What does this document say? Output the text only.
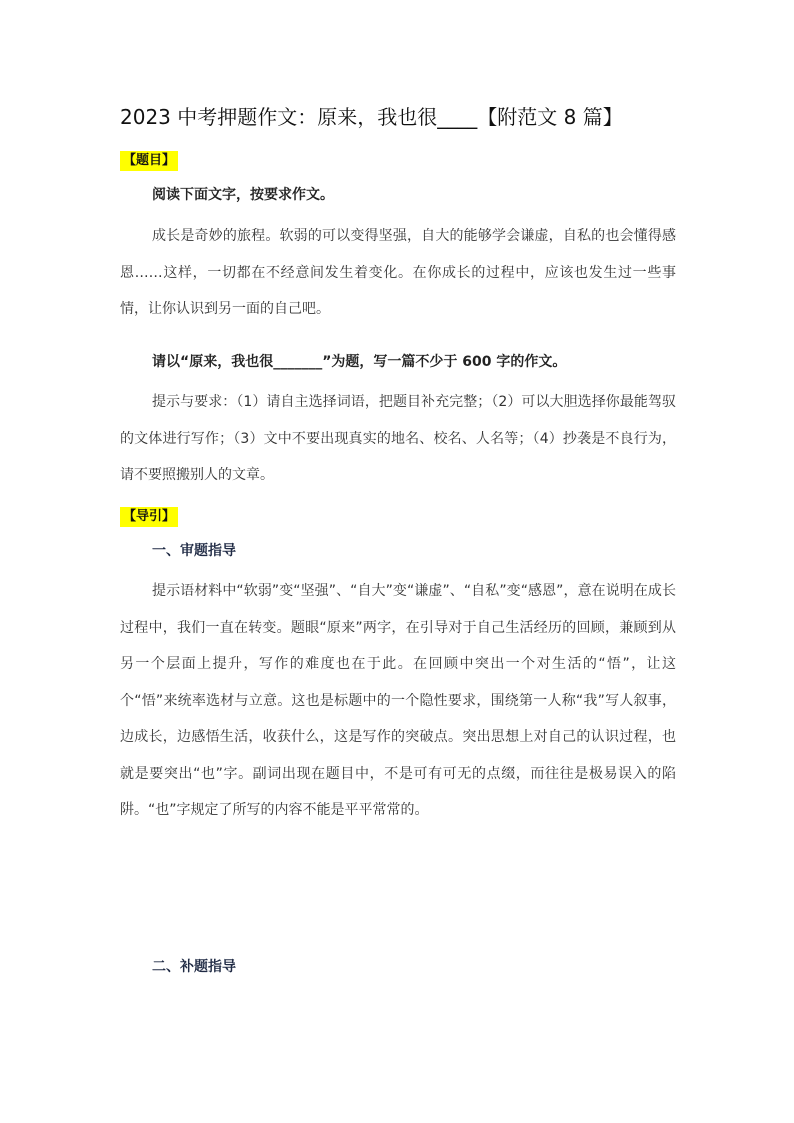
2023 中考押题作文：原来，我也很____【附范文 8 篇】
【题目】
阅读下面文字，按要求作文。

成长是奇妙的旅程。软弱的可以变得坚强，自大的能够学会谦虚，自私的也会懂得感恩……这样，一切都在不经意间发生着变化。在你成长的过程中，应该也发生过一些事情，让你认识到另一面的自己吧。

请以“原来，我也很_______”为题，写一篇不少于 600 字的作文。

提示与要求：（1）请自主选择词语，把题目补充完整；（2）可以大胆选择你最能驾驭的文体进行写作；（3）文中不要出现真实的地名、校名、人名等；（4）抄袭是不良行为，请不要照搬别人的文章。

【导引】
一、审题指导

提示语材料中“软弱”变“坚强”、“自大”变“谦虚”、“自私”变“感恩”，意在说明在成长过程中，我们一直在转变。题眼“原来”两字，在引导对于自己生活经历的回顾，兼顾到从另一个层面上提升，写作的难度也在于此。在回顾中突出一个对生活的“悟”，让这个“悟”来统率选材与立意。这也是标题中的一个隐性要求，围绕第一人称“我”写人叙事，边成长，边感悟生活，收获什么，这是写作的突破点。突出思想上对自己的认识过程，也就是要突出“也”字。副词出现在题目中，不是可有可无的点缀，而往往是极易误入的陷阱。“也”字规定了所写的内容不能是平平常常的。

二、补题指导
